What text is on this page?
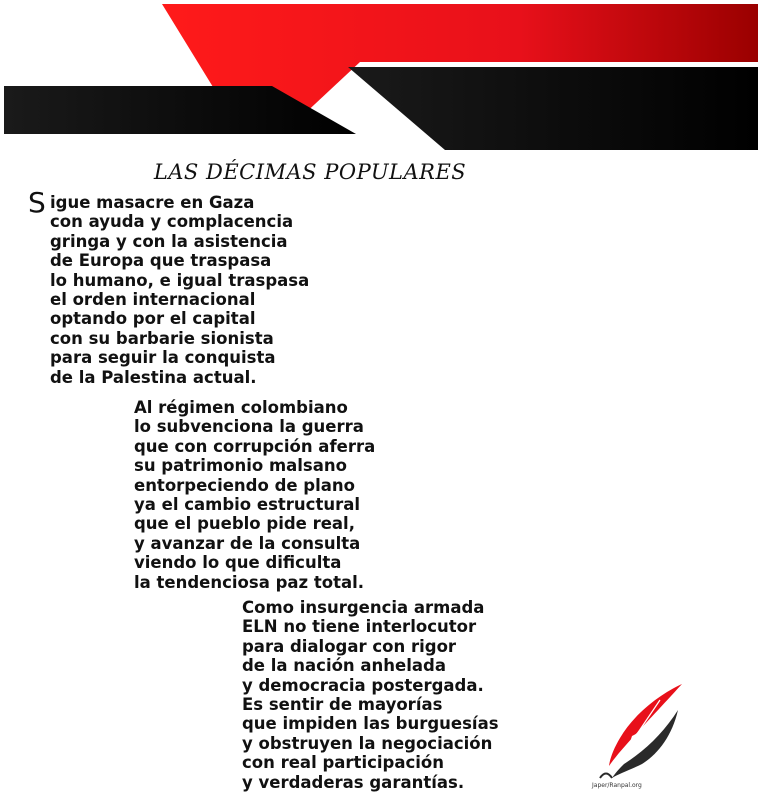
LAS DÉCIMAS POPULARES
S igue masacre en Gaza
con ayuda y complacencia
gringa y con la asistencia
de Europa que traspasa
lo humano, e igual traspasa
el orden internacional
optando por el capital
con su barbarie sionista
para seguir la conquista
de la Palestina actual.
Al régimen colombiano
lo subvenciona la guerra
que con corrupción aferra
su patrimonio malsano
entorpeciendo de plano
ya el cambio estructural
que el pueblo pide real,
y avanzar de la consulta
viendo lo que dificulta
la tendenciosa paz total.
Como insurgencia armada
ELN no tiene interlocutor
para dialogar con rigor
de la nación anhelada
y democracia postergada.
Es sentir de mayorías
que impiden las burguesías
y obstruyen la negociación
con real participación
y verdaderas garantías.	Japer/Ranpal.org
